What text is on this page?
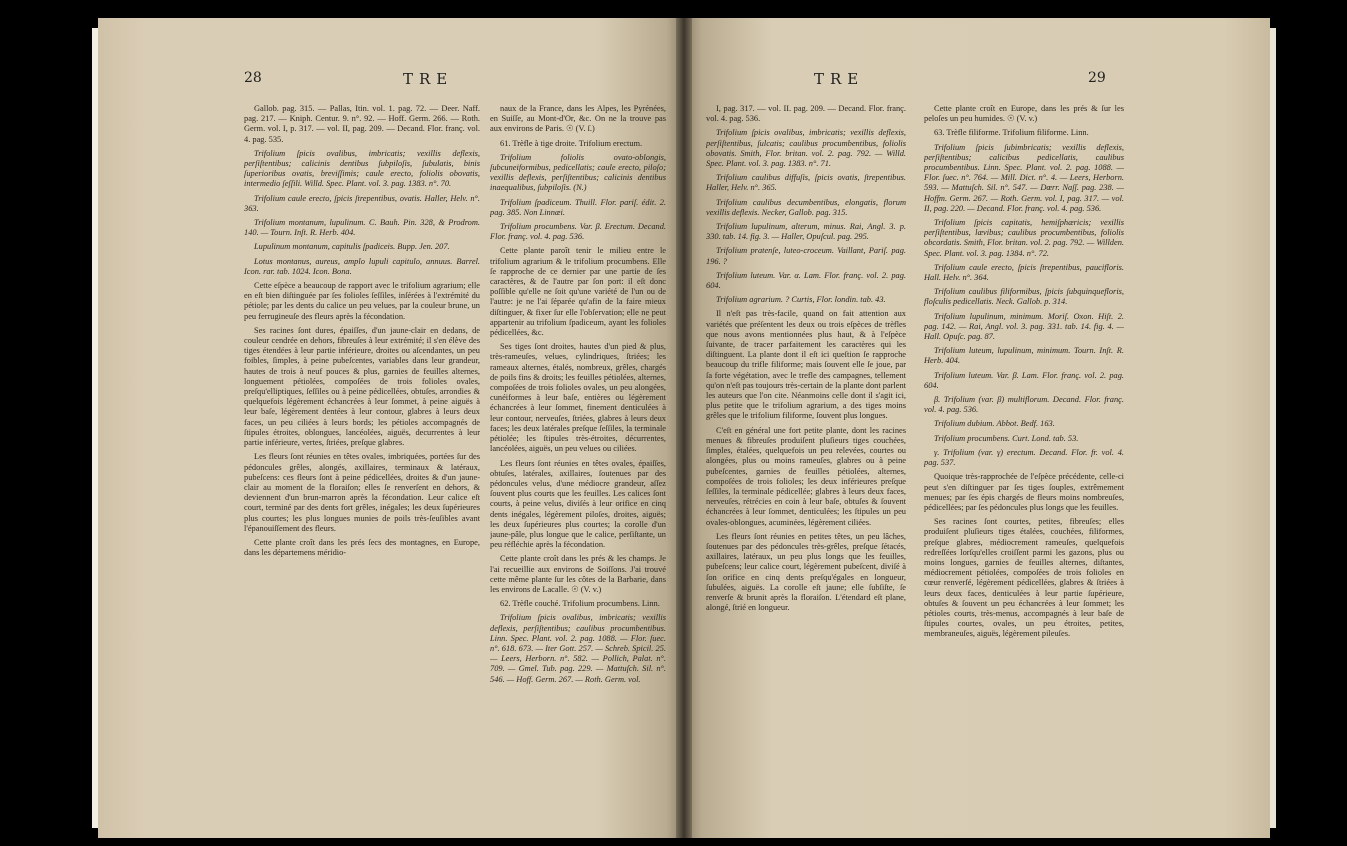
28	TRE

Gallob. pag. 315. — Pallas, Itin. vol. 1. pag. 72. — Deer. Naff. pag. 217. — Kniph. Centur. 9. n°. 92. — Hoff. Germ. 266. — Roth. Germ. vol. I, p. 317. — vol. II, pag. 209. — Decand. Flor. franç. vol. 4. pag. 535.

Trifolium ſpicis ovalibus, imbricatis; vexillis deflexis, perſiſtentibus; calicinis dentibus ſubpiloſis, ſubulatis, binis ſuperioribus ovatis, breviſſimis; caule erecto, foliolis obovatis, intermedio ſeſſili. Willd. Spec. Plant. vol. 3. pag. 1383. n°. 70.

Trifolium caule erecto, ſpicis ſtrepentibus, ovatis. Haller, Helv. n°. 363.

Trifolium montanum, lupulinum. C. Bauh. Pin. 328, & Prodrom. 140. — Tourn. Inſt. R. Herb. 404.

Lupulinum montanum, capitulis ſpadiceis. Bupp. Jen. 207.

Lotus montanus, aureus, amplo lupuli capitulo, annuus. Barrel. Icon. rar. tab. 1024. Icon. Bona.

Cette eſpèce a beaucoup de rapport avec le trifolium agrarium; elle en eſt bien diſtinguée par ſes folioles ſeſſiles, inſérées à l'extrémité du pétiole; par les dents du calice un peu velues, par la couleur brune, un peu ferrugineuſe des fleurs après la fécondation.

Ses racines ſont dures, épaiſſes, d'un jaune-clair en dedans, de couleur cendrée en dehors, fibreuſes à leur extrémité; il s'en élève des tiges étendées à leur partie inférieure, droites ou aſcendantes, un peu foibles, ſimples, à peine pubeſcentes, variables dans leur grandeur, hautes de trois à neuf pouces & plus, garnies de feuilles alternes, longuement pétiolées, compoſées de trois folioles ovales, preſqu'elliptiques, ſeſſiles ou à peine pédicellées, obtuſes, arrondies & quelquefois légèrement échancrées à leur ſommet, à peine aiguës à leur baſe, légèrement dentées à leur contour, glabres à leurs deux faces, un peu ciliées à leurs bords; les pétioles accompagnés de ſtipules étroites, oblongues, lancéolées, aiguës, decurrentes à leur partie inférieure, vertes, ſtriées, preſque glabres.

Les fleurs ſont réunies en têtes ovales, imbriquées, portées ſur des pédoncules grêles, alongés, axillaires, terminaux & latéraux, pubeſcens: ces fleurs ſont à peine pédicellées, droites & d'un jaune-clair au moment de la floraiſon; elles ſe renverſent en dehors, & deviennent d'un brun-marron après la fécondation. Leur calice eſt court, terminé par des dents fort grêles, inégales; les deux ſupérieures plus courtes; les plus longues munies de poils très-ſeuſibles avant l'épanouiſſement des fleurs.

Cette plante croît dans les prés ſecs des montagnes, en Europe, dans les départemens méridio-

naux de la France, dans les Alpes, les Pyrénées, en Suiſſe, au Mont-d'Or, &c. On ne la trouve pas aux environs de Paris. ☉ (V. ſ.)

61. Trèfle à tige droite. Trifolium erectum.

Trifolium foliolis ovato-oblongis, ſubcuneiformibus, pedicellatis; caule erecto, piloſo; vexillis deflexis, perſiſtentibus; calicinis dentibus inaequalibus, ſubpiloſis. (N.)

Trifolium ſpadiceum. Thuill. Flor. pariſ. édit. 2. pag. 385. Non Linnæi.

Trifolium procumbens. Var. β. Erectum. Decand. Flor. franç. vol. 4. pag. 536.

Cette plante paroît tenir le milieu entre le trifolium agrarium & le trifolium procumbens. Elle ſe rapproche de ce dernier par une partie de ſes caractères, & de l'autre par ſon port: il eſt donc poſſible qu'elle ne ſoit qu'une variété de l'un ou de l'autre: je ne l'ai ſéparée qu'afin de la faire mieux diſtinguer, & fixer ſur elle l'obſervation; elle ne peut appartenir au trifolium ſpadiceum, ayant les folioles pédicellées, &c.

Ses tiges ſont droites, hautes d'un pied & plus, très-rameuſes, velues, cylindriques, ſtriées; les rameaux alternes, étalés, nombreux, grêles, chargés de poils fins & droits; les feuilles pétiolées, alternes, compoſées de trois folioles ovales, un peu alongées, cunéiformes à leur baſe, entières ou légèrement échancrées à leur ſommet, finement denticulées à leur contour, nerveuſes, ſtriées, glabres à leurs deux faces; les deux latérales preſque ſeſſiles, la terminale pétiolée; les ſtipules très-étroites, décurrentes, lancéolées, aiguës, un peu velues ou ciliées.

Les fleurs ſont réunies en têtes ovales, épaiſſes, obtuſes, latérales, axillaires, ſoutenues par des pédoncules velus, d'une médiocre grandeur, aſſez ſouvent plus courts que les feuilles. Les calices ſont courts, à peine velus, diviſés à leur orifice en cinq dents inégales, légèrement piloſes, droites, aiguës; les deux ſupérieures plus courtes; la corolle d'un jaune-pâle, plus longue que le calice, perſiſtante, un peu réfléchie après la fécondation.

Cette plante croît dans les prés & les champs. Je l'ai recueillie aux environs de Soiſſons. J'ai trouvé cette même plante ſur les côtes de la Barbarie, dans les environs de Lacalle. ☉ (V. v.)

62. Trèfle couché. Trifolium procumbens. Linn.

Trifolium ſpicis ovalibus, imbricatis; vexillis deflexis, perſiſtentibus; caulibus procumbentibus. Linn. Spec. Plant. vol. 2. pag. 1088. — Flor. ſuec. n°. 618. 673. — Iter Gott. 257. — Schreb. Spicil. 25. — Leers, Herborn. n°. 582. — Pollich, Palat. n°. 709. — Gmel. Tub. pag. 229. — Mattuſch. Sil. n°. 546. — Hoff. Germ. 267. — Roth. Germ. vol.

TRE	29

I, pag. 317. — vol. II. pag. 209. — Decand. Flor. franç. vol. 4. pag. 536.

Trifolium ſpicis ovalibus, imbricatis; vexillis deflexis, perſiſtentibus, ſulcatis; caulibus procumbentibus, foliolis obovatis. Smith, Flor. britan. vol. 2. pag. 792. — Willd. Spec. Plant. vol. 3. pag. 1383. n°. 71.

Trifolium caulibus diffuſis, ſpicis ovatis, ſtrepentibus. Haller, Helv. n°. 365.

Trifolium caulibus decumbentibus, elongatis, florum vexillis deflexis. Necker, Gallob. pag. 315.

Trifolium lupulinum, alterum, minus. Rai, Angl. 3. p. 330. tab. 14. fig. 3. — Haller, Opuſcul. pag. 295.

Trifolium pratenſe, luteo-croceum. Vaillant, Pariſ. pag. 196. ?

Trifolium luteum. Var. α. Lam. Flor. franç. vol. 2. pag. 604.

Trifolium agrarium. ? Curtis, Flor. londin. tab. 43.

Il n'eſt pas très-facile, quand on fait attention aux variétés que préſentent les deux ou trois eſpèces de trèfles que nous avons mentionnées plus haut, & à l'eſpèce ſuivante, de tracer parfaitement les caractères qui les diſtinguent. La plante dont il eſt ici queſtion ſe rapproche beaucoup du trifle filiforme; mais ſouvent elle ſe joue, par ſa forte végétation, avec le trefle des campagnes, tellement qu'on n'eſt pas toujours très-certain de la plante dont parlent les auteurs que l'on cite. Néanmoins celle dont il s'agit ici, plus petite que le trifolium agrarium, a des tiges moins grêles que le trifolium filiforme, ſouvent plus longues.

C'eſt en général une fort petite plante, dont les racines menues & fibreuſes produiſent pluſieurs tiges couchées, ſimples, étalées, quelquefois un peu relevées, courtes ou alongées, plus ou moins rameuſes, glabres ou à peine pubeſcentes, garnies de feuilles pétiolées, alternes, compoſées de trois folioles; les deux inférieures preſque ſeſſiles, la terminale pédicellée; glabres à leurs deux faces, nerveuſes, rétrécies en coin à leur baſe, obtuſes & ſouvent échancrées à leur ſommet, denticulées; les ſtipules un peu ovales-oblongues, acuminées, légèrement ciliées.

Les fleurs ſont réunies en petites têtes, un peu lâches, ſoutenues par des pédoncules très-grêles, preſque ſétacés, axillaires, latéraux, un peu plus longs que les feuilles, pubeſcens; leur calice court, légèrement pubeſcent, diviſé à ſon orifice en cinq dents preſqu'égales en longueur, ſubulées, aiguës. La corolle eſt jaune; elle ſubſiſte, ſe renverſe & brunit après la floraiſon. L'étendard eſt plane, alongé, ſtrié en longueur.

Cette plante croît en Europe, dans les prés & ſur les peloſes un peu humides. ☉ (V. v.)

63. Trèfle filiforme. Trifolium filiforme. Linn.

Trifolium ſpicis ſubimbricatis; vexillis deflexis, perſiſtentibus; calicibus pedicellatis, caulibus procumbentibus. Linn. Spec. Plant. vol. 2. pag. 1088. — Flor. ſuec. n°. 764. — Mill. Dict. n°. 4. — Leers, Herborn. 593. — Mattuſch. Sil. n°. 547. — Dœrr. Naſſ. pag. 238. — Hoffm. Germ. 267. — Roth. Germ. vol. I, pag. 317. — vol. II, pag. 220. — Decand. Flor. franç. vol. 4. pag. 536.

Trifolium ſpicis capitatis, hemiſphæricis; vexillis perſiſtentibus, lævibus; caulibus procumbentibus, foliolis obcordatis. Smith, Flor. britan. vol. 2. pag. 792. — Willden. Spec. Plant. vol. 3. pag. 1384. n°. 72.

Trifolium caule erecto, ſpicis ſtrepentibus, paucifloris. Hall. Helv. n°. 364.

Trifolium caulibus filiformibus, ſpicis ſubquinquefloris, floſculis pedicellatis. Neck. Gallob. p. 314.

Trifolium lupulinum, minimum. Moriſ. Oxon. Hiſt. 2. pag. 142. — Rai, Angl. vol. 3. pag. 331. tab. 14. fig. 4. — Hall. Opuſc. pag. 87.

Trifolium luteum, lupulinum, minimum. Tourn. Inſt. R. Herb. 404.

Trifolium luteum. Var. β. Lam. Flor. franç. vol. 2. pag. 604.

β. Trifolium (var. β) multiflorum. Decand. Flor. franç. vol. 4. pag. 536.

Trifolium dubium. Abbot. Bedf. 163.

Trifolium procumbens. Curt. Lond. tab. 53.

γ. Trifolium (var. γ) erectum. Decand. Flor. fr. vol. 4. pag. 537.

Quoique très-rapprochée de l'eſpèce précédente, celle-ci peut s'en diſtinguer par ſes tiges ſouples, extrêmement menues; par ſes épis chargés de fleurs moins nombreuſes, pédicellées; par ſes pédoncules plus longs que les feuilles.

Ses racines ſont courtes, petites, fibreuſes; elles produiſent pluſieurs tiges étalées, couchées, filiformes, preſque glabres, médiocrement rameuſes, quelquefois redreſſées lorſqu'elles croiſſent parmi les gazons, plus ou moins longues, garnies de feuilles alternes, diſtantes, médiocrement pétiolées, compoſées de trois folioles en cœur renverſé, légèrement pédicellées, glabres & ſtriées à leurs deux faces, denticulées à leur partie ſupérieure, obtuſes & ſouvent un peu échancrées à leur ſommet; les pétioles courts, très-menus, accompagnés à leur baſe de ſtipules courtes, ovales, un peu étroites, petites, membraneuſes, aiguës, légèrement pileuſes.
